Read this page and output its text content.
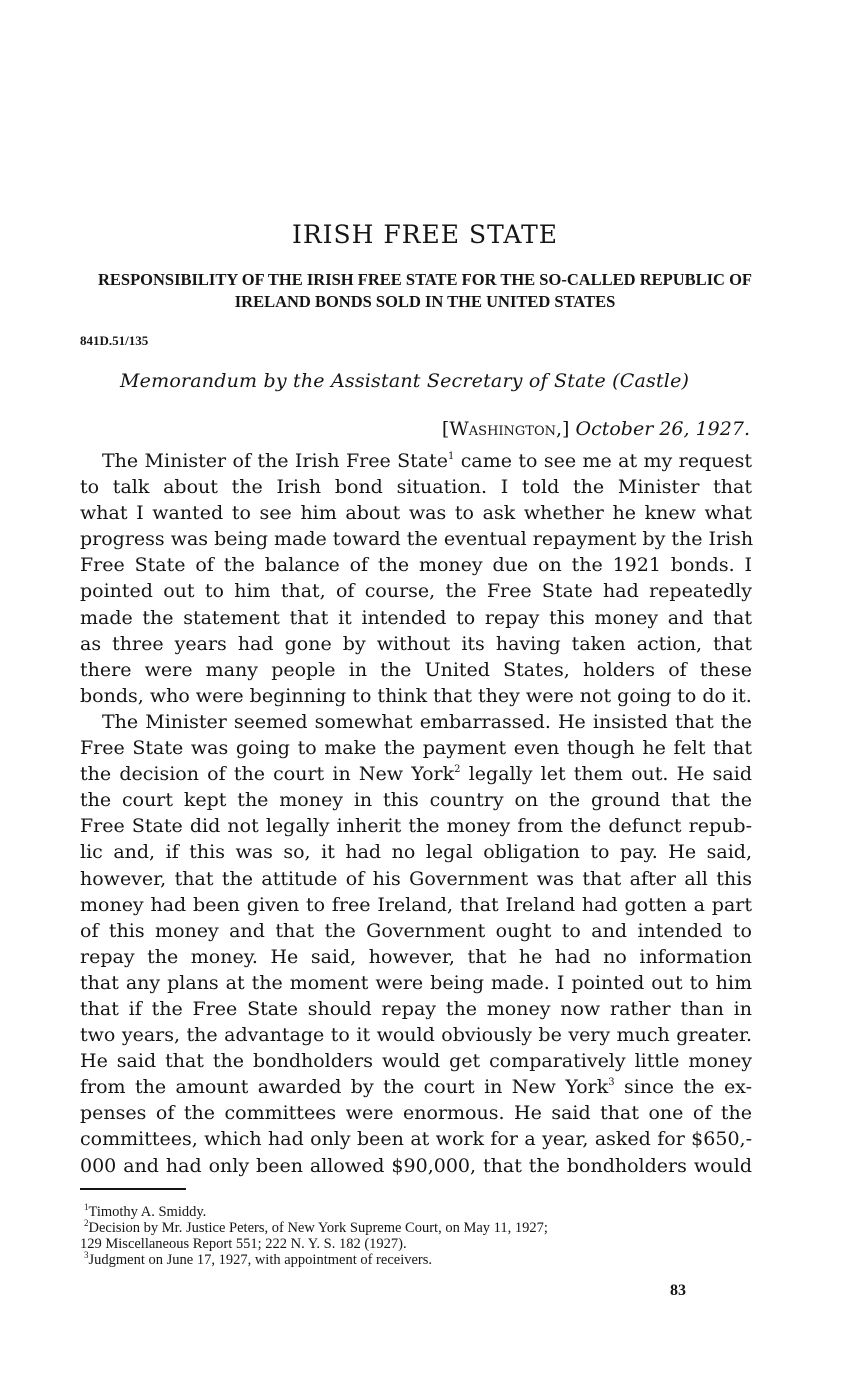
IRISH FREE STATE
RESPONSIBILITY OF THE IRISH FREE STATE FOR THE SO-CALLED REPUBLIC OF IRELAND BONDS SOLD IN THE UNITED STATES
841D.51/135
Memorandum by the Assistant Secretary of State (Castle)
[Washington,] October 26, 1927.
The Minister of the Irish Free State$^1$ came to see me at my request
to talk about the Irish bond situation. I told the Minister that
what I wanted to see him about was to ask whether he knew what
progress was being made toward the eventual repayment by the Irish
Free State of the balance of the money due on the 1921 bonds. I
pointed out to him that, of course, the Free State had repeatedly
made the statement that it intended to repay this money and that
as three years had gone by without its having taken action, that
there were many people in the United States, holders of these
bonds, who were beginning to think that they were not going to do it.
The Minister seemed somewhat embarrassed. He insisted that the
Free State was going to make the payment even though he felt that
the decision of the court in New York$^2$ legally let them out. He said
the court kept the money in this country on the ground that the
Free State did not legally inherit the money from the defunct repub-
lic and, if this was so, it had no legal obligation to pay. He said,
however, that the attitude of his Government was that after all this
money had been given to free Ireland, that Ireland had gotten a part
of this money and that the Government ought to and intended to
repay the money. He said, however, that he had no information
that any plans at the moment were being made. I pointed out to him
that if the Free State should repay the money now rather than in
two years, the advantage to it would obviously be very much greater.
He said that the bondholders would get comparatively little money
from the amount awarded by the court in New York$^3$ since the ex-
penses of the committees were enormous. He said that one of the
committees, which had only been at work for a year, asked for $650,-
000 and had only been allowed $90,000, that the bondholders would
$^1$Timothy A. Smiddy.
$^2$Decision by Mr. Justice Peters, of New York Supreme Court, on May 11, 1927;
129 Miscellaneous Report 551; 222 N. Y. S. 182 (1927).
$^3$Judgment on June 17, 1927, with appointment of receivers.
83
